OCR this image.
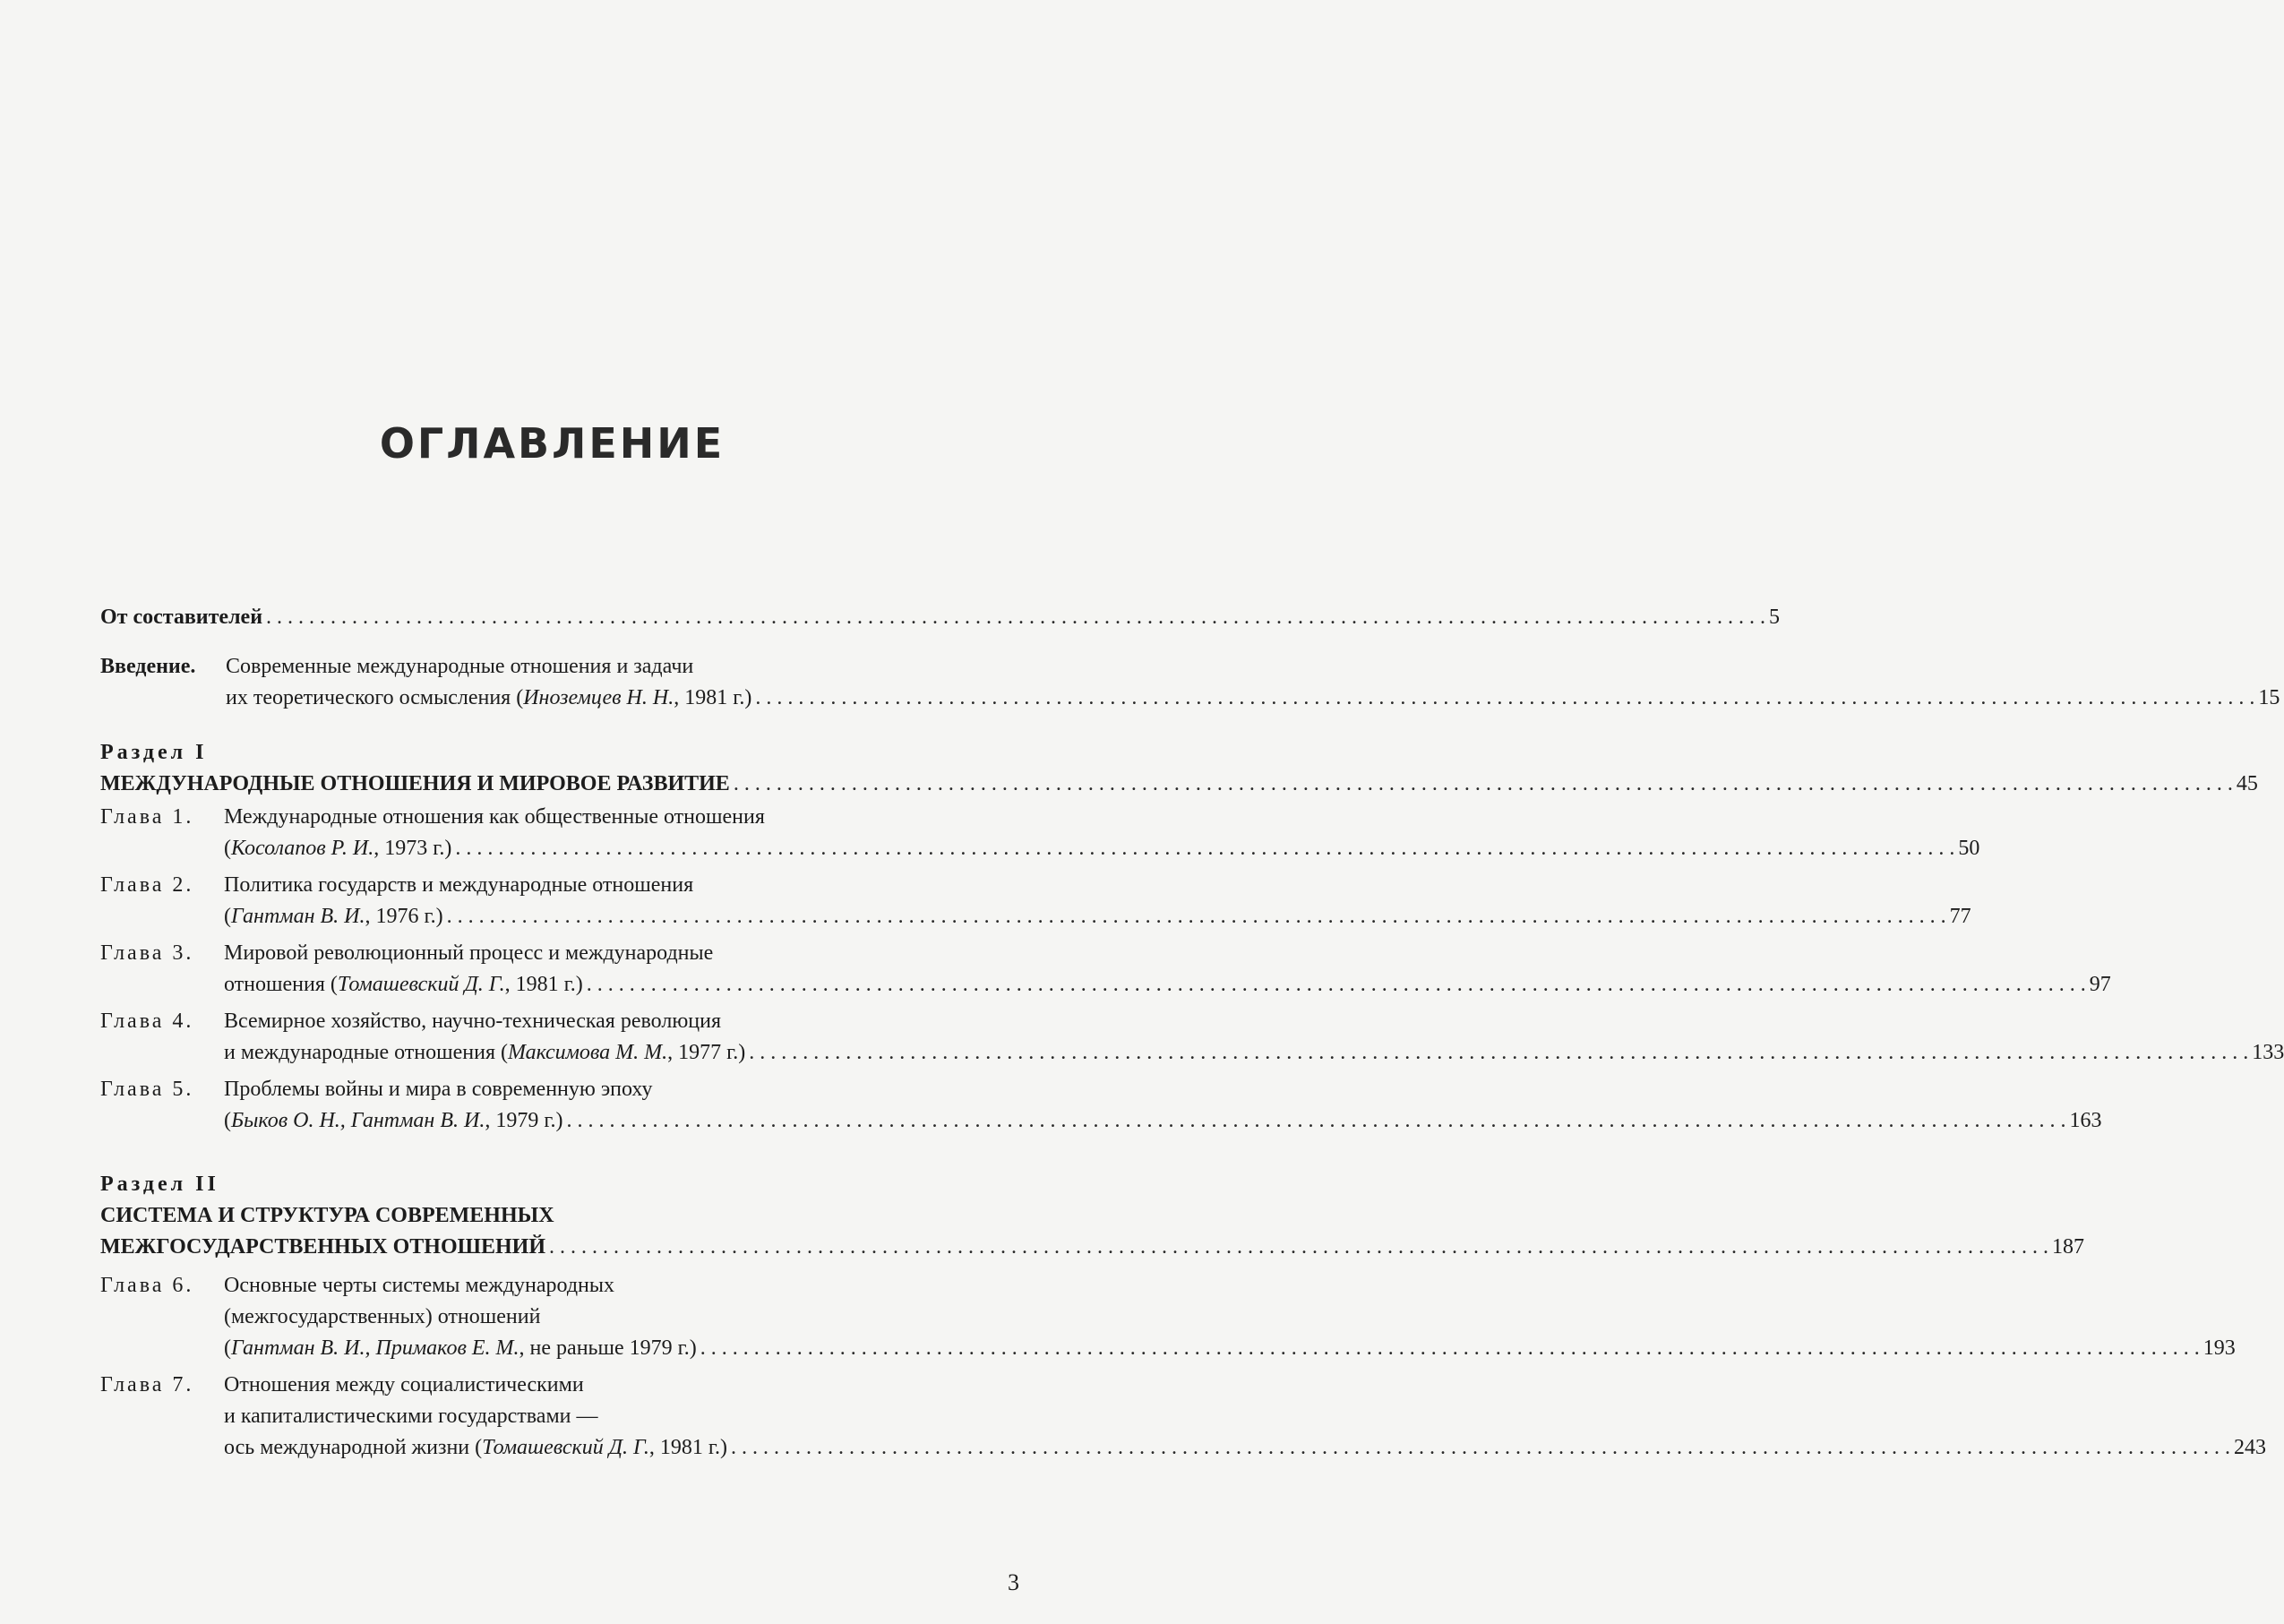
ОГЛАВЛЕНИЕ
От составителей . . .	5
Введение.	Современные международные отношения и задачи
их теоретического осмысления (Иноземцев Н. Н., 1981 г.) . . .	15
Раздел I
МЕЖДУНАРОДНЫЕ ОТНОШЕНИЯ И МИРОВОЕ РАЗВИТИЕ . . .	45
Глава 1.	Международные отношения как общественные отношения
(Косолапов Р. И., 1973 г.) . . .	50
Глава 2.	Политика государств и международные отношения
(Гантман В. И., 1976 г.) . . .	77
Глава 3.	Мировой революционный процесс и международные
отношения (Томашевский Д. Г., 1981 г.) . . .	97
Глава 4.	Всемирное хозяйство, научно-техническая революция
и международные отношения (Максимова М. М., 1977 г.) . . .	133
Глава 5.	Проблемы войны и мира в современную эпоху
(Быков О. Н., Гантман В. И., 1979 г.) . . .	163
Раздел II
СИСТЕМА И СТРУКТУРА СОВРЕМЕННЫХ
МЕЖГОСУДАРСТВЕННЫХ ОТНОШЕНИЙ . . .	187
Глава 6.	Основные черты системы международных
(межгосударственных) отношений
(Гантман В. И., Примаков Е. М., не раньше 1979 г.) . . .	193
Глава 7.	Отношения между социалистическими
и капиталистическими государствами —
ось международной жизни (Томашевский Д. Г., 1981 г.) . . .	243
3
